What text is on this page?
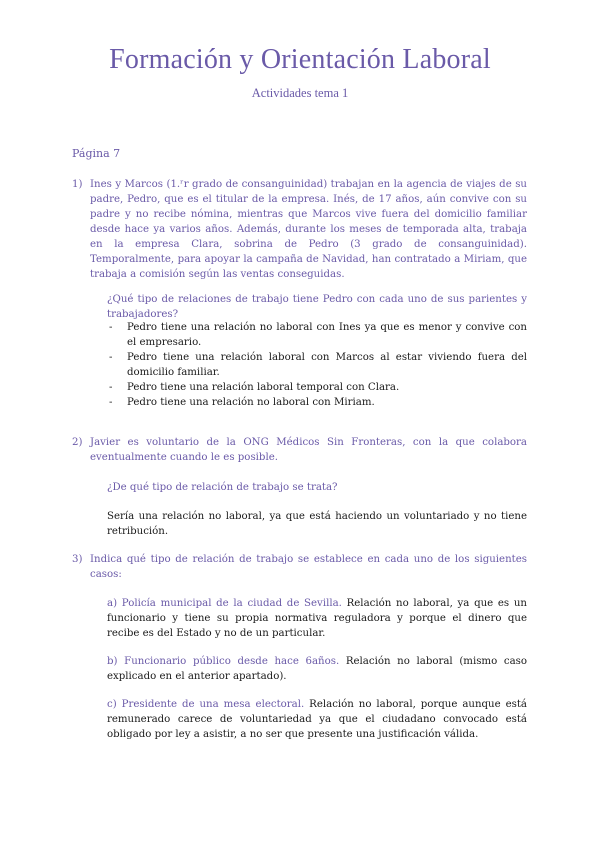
Formación y Orientación Laboral
Actividades tema 1
Página 7
1) Ines y Marcos (1.ʳr grado de consanguinidad) trabajan en la agencia de viajes de su padre, Pedro, que es el titular de la empresa. Inés, de 17 años, aún convive con su padre y no recibe nómina, mientras que Marcos vive fuera del domicilio familiar desde hace ya varios años. Además, durante los meses de temporada alta, trabaja en la empresa Clara, sobrina de Pedro (3 grado de consanguinidad). Temporalmente, para apoyar la campaña de Navidad, han contratado a Miriam, que trabaja a comisión según las ventas conseguidas.
¿Qué tipo de relaciones de trabajo tiene Pedro con cada uno de sus parientes y trabajadores?
- Pedro tiene una relación no laboral con Ines ya que es menor y convive con el empresario.
- Pedro tiene una relación laboral con Marcos al estar viviendo fuera del domicilio familiar.
- Pedro tiene una relación laboral temporal con Clara.
- Pedro tiene una relación no laboral con Miriam.
2) Javier es voluntario de la ONG Médicos Sin Fronteras, con la que colabora eventualmente cuando le es posible.
¿De qué tipo de relación de trabajo se trata?
Sería una relación no laboral, ya que está haciendo un voluntariado y no tiene retribución.
3) Indica qué tipo de relación de trabajo se establece en cada uno de los siguientes casos:
a) Policía municipal de la ciudad de Sevilla. Relación no laboral, ya que es un funcionario y tiene su propia normativa reguladora y porque el dinero que recibe es del Estado y no de un particular.
b) Funcionario público desde hace 6años. Relación no laboral (mismo caso explicado en el anterior apartado).
c) Presidente de una mesa electoral. Relación no laboral, porque aunque está remunerado carece de voluntariedad ya que el ciudadano convocado está obligado por ley a asistir, a no ser que presente una justificación válida.
